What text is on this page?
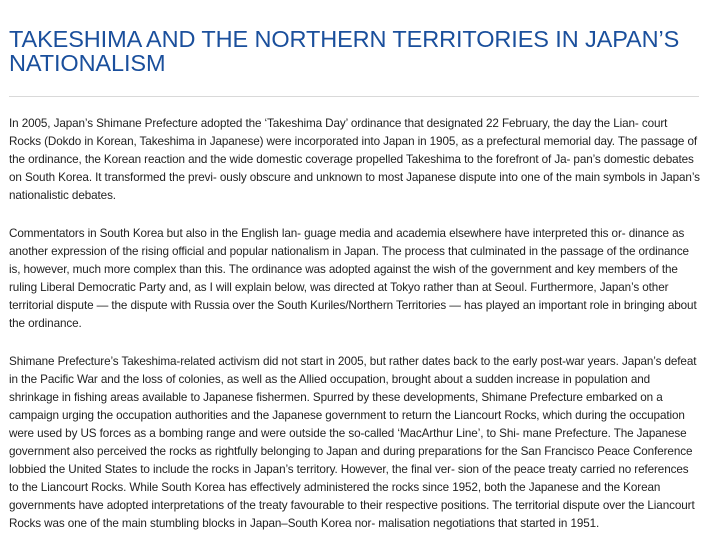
TAKESHIMA AND THE NORTHERN TERRITORIES IN JAPAN’S NATIONALISM

In 2005, Japan’s Shimane Prefecture adopted the ‘Takeshima Day’ ordinance that designated 22 February, the day the Lian- court Rocks (Dokdo in Korean, Takeshima in Japanese) were incorporated into Japan in 1905, as a prefectural memorial day. The passage of the ordinance, the Korean reaction and the wide domestic coverage propelled Takeshima to the forefront of Ja- pan’s domestic debates on South Korea. It transformed the previ- ously obscure and unknown to most Japanese dispute into one of the main symbols in Japan’s nationalistic debates.

Commentators in South Korea but also in the English lan- guage media and academia elsewhere have interpreted this or- dinance as another expression of the rising official and popular nationalism in Japan. The process that culminated in the passage of the ordinance is, however, much more complex than this. The ordinance was adopted against the wish of the government and key members of the ruling Liberal Democratic Party and, as I will explain below, was directed at Tokyo rather than at Seoul. Furthermore, Japan’s other territorial dispute — the dispute with Russia over the South Kuriles/Northern Territories — has played an important role in bringing about the ordinance.

Shimane Prefecture’s Takeshima-related activism did not start in 2005, but rather dates back to the early post-war years. Japan’s defeat in the Pacific War and the loss of colonies, as well as the Allied occupation, brought about a sudden increase in population and shrinkage in fishing areas available to Japanese fishermen. Spurred by these developments, Shimane Prefecture embarked on a campaign urging the occupation authorities and the Japanese government to return the Liancourt Rocks, which during the occupation were used by US forces as a bombing range and were outside the so-called ‘MacArthur Line’, to Shi- mane Prefecture. The Japanese government also perceived the rocks as rightfully belonging to Japan and during preparations for the San Francisco Peace Conference lobbied the United States to include the rocks in Japan’s territory. However, the final ver- sion of the peace treaty carried no references to the Liancourt Rocks. While South Korea has effectively administered the rocks since 1952, both the Japanese and the Korean governments have adopted interpretations of the treaty favourable to their respective positions. The territorial dispute over the Liancourt Rocks was one of the main stumbling blocks in Japan–South Korea nor- malisation negotiations that started in 1951.
